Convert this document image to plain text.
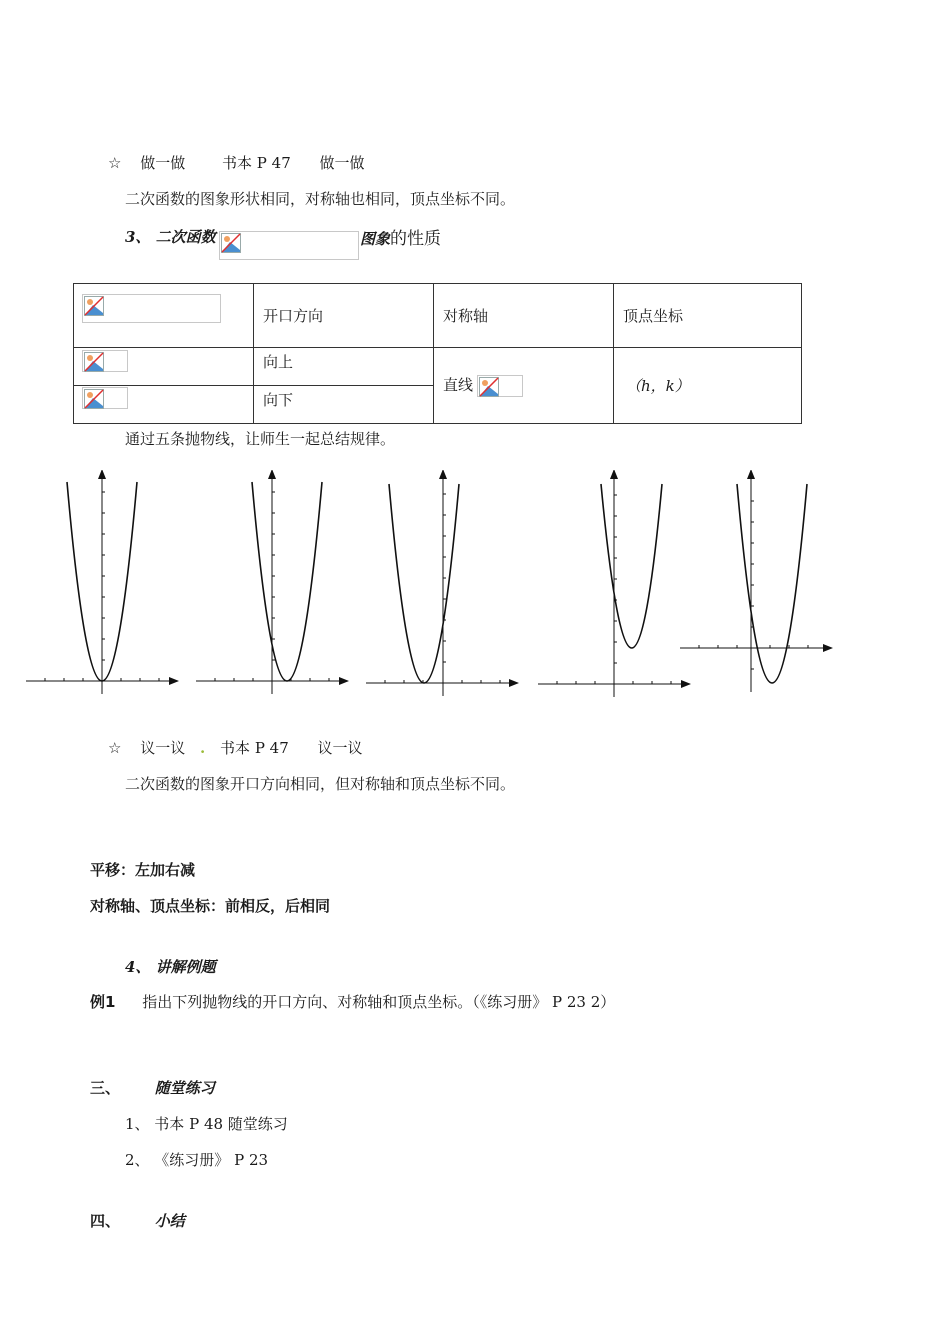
☆ 做一做 书本 P 47 做一做
二次函数的图象形状相同，对称轴也相同，顶点坐标不同。
3、 二次函数	图象的性质
	开口方向	对称轴	顶点坐标

	向上	直线	（h，k）

	向下		
通过五条抛物线，让师生一起总结规律。
☆ 议一议 . 书本 P 47 议一议
二次函数的图象开口方向相同，但对称轴和顶点坐标不同。
平移：左加右减
对称轴、顶点坐标：前相反，后相同
4、 讲解例题
例1 指出下列抛物线的开口方向、对称轴和顶点坐标。（《练习册》 P 23 2）
三、 随堂练习
1、 书本 P 48 随堂练习
2、 《练习册》 P 23
四、 小结
